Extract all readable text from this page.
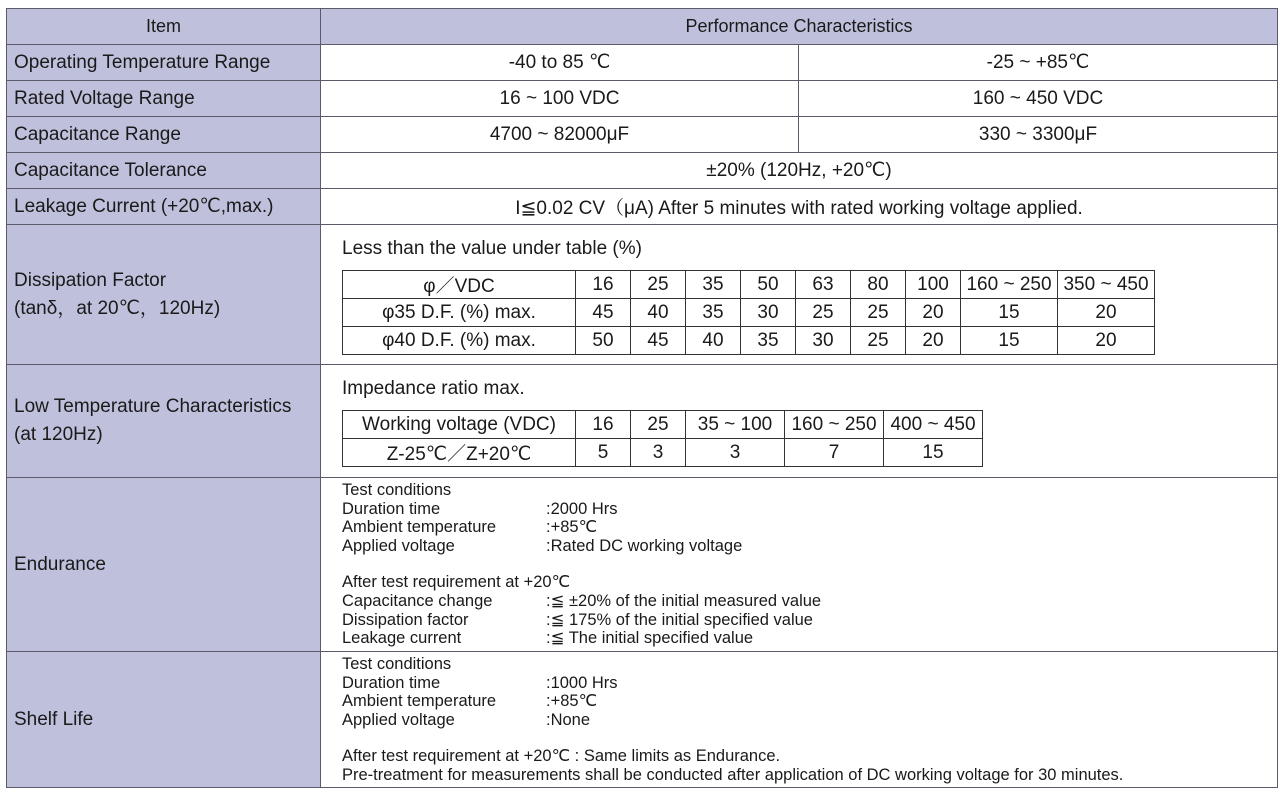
Item	Performance Characteristics
Operating Temperature Range	-40 to 85 ℃	-25 ~ +85℃
Rated Voltage Range	16 ~ 100 VDC	160 ~ 450 VDC
Capacitance Range	4700 ~ 82000μF	330 ~ 3300μF
Capacitance Tolerance	±20% (120Hz, +20℃)
Leakage Current (+20℃,max.)	I≦0.02 CV（μA) After 5 minutes with rated working voltage applied.

Dissipation Factor
(tanδ，at 20℃，120Hz)

Less than the value under table (%)
φ／VDC	16	25	35	50	63	80	100	160 ~ 250	350 ~ 450
φ35 D.F. (%) max.	45	40	35	30	25	25	20	15	20
φ40 D.F. (%) max.	50	45	40	35	30	25	20	15	20

Low Temperature Characteristics
(at 120Hz)

Impedance ratio max.
Working voltage (VDC)	16	25	35 ~ 100	160 ~ 250	400 ~ 450
Z-25℃／Z+20℃	5	3	3	7	15

Endurance	
Test conditions
Duration time	:2000 Hrs
Ambient temperature	:+85℃
Applied voltage	:Rated DC working voltage
After test requirement at +20℃
Capacitance change	:≦ ±20% of the initial measured value
Dissipation factor	:≦ 175% of the initial specified value
Leakage current	:≦ The initial specified value

Shelf Life	
Test conditions
Duration time	:1000 Hrs
Ambient temperature	:+85℃
Applied voltage	:None
After test requirement at +20℃ : Same limits as Endurance.
Pre-treatment for measurements shall be conducted after application of DC working voltage for 30 minutes.
